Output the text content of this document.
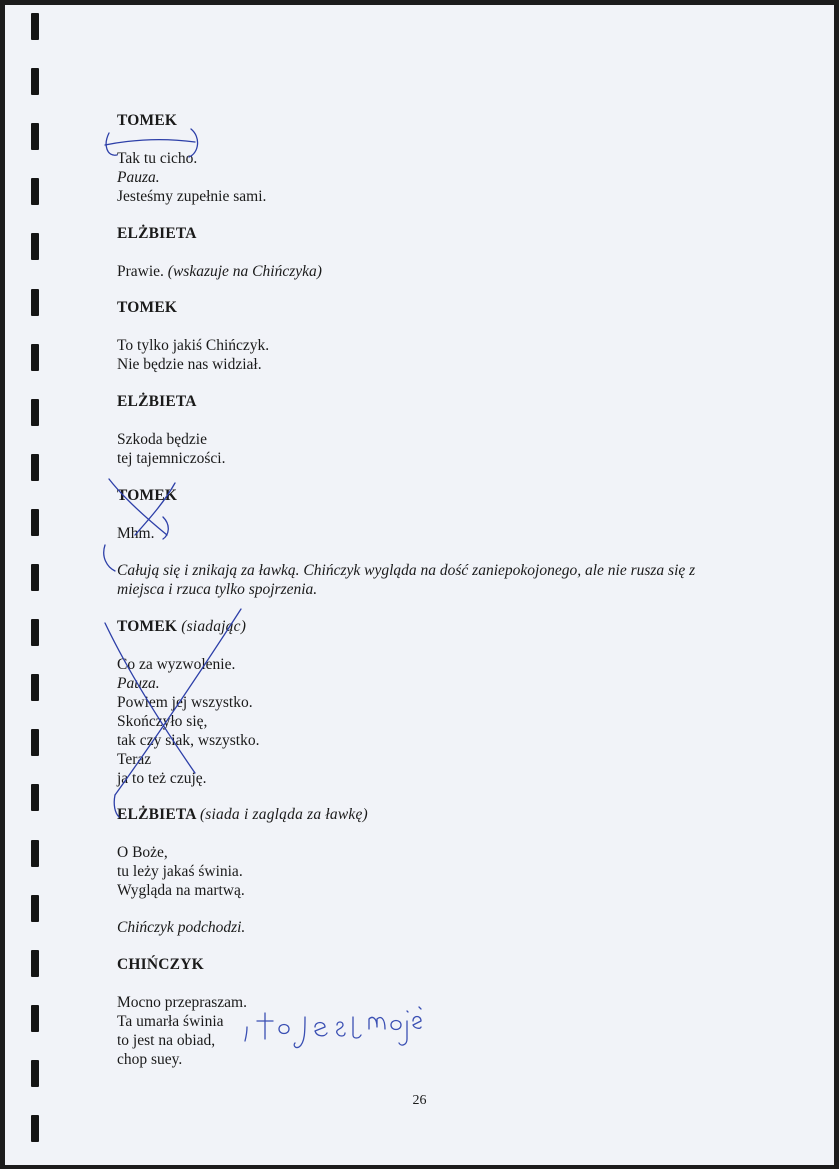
TOMEK
Tak tu cicho.
Pauza.
Jesteśmy zupełnie sami.
ELŻBIETA
Prawie. (wskazuje na Chińczyka)
TOMEK
To tylko jakiś Chińczyk.
Nie będzie nas widział.
ELŻBIETA
Szkoda będzie
tej tajemniczości.
TOMEK
Mhm.
Całują się i znikają za ławką. Chińczyk wygląda na dość zaniepokojonego, ale nie rusza się z
miejsca i rzuca tylko spojrzenia.
TOMEK (siadając)
Co za wyzwolenie.
Pauza.
Powiem jej wszystko.
Skończyło się,
tak czy siak, wszystko.
Teraz
ja to też czuję.
ELŻBIETA (siada i zagląda za ławkę)
O Boże,
tu leży jakaś świnia.
Wygląda na martwą.
Chińczyk podchodzi.
CHIŃCZYK
Mocno przepraszam.
Ta umarła świnia
to jest na obiad,
chop suey.
26
